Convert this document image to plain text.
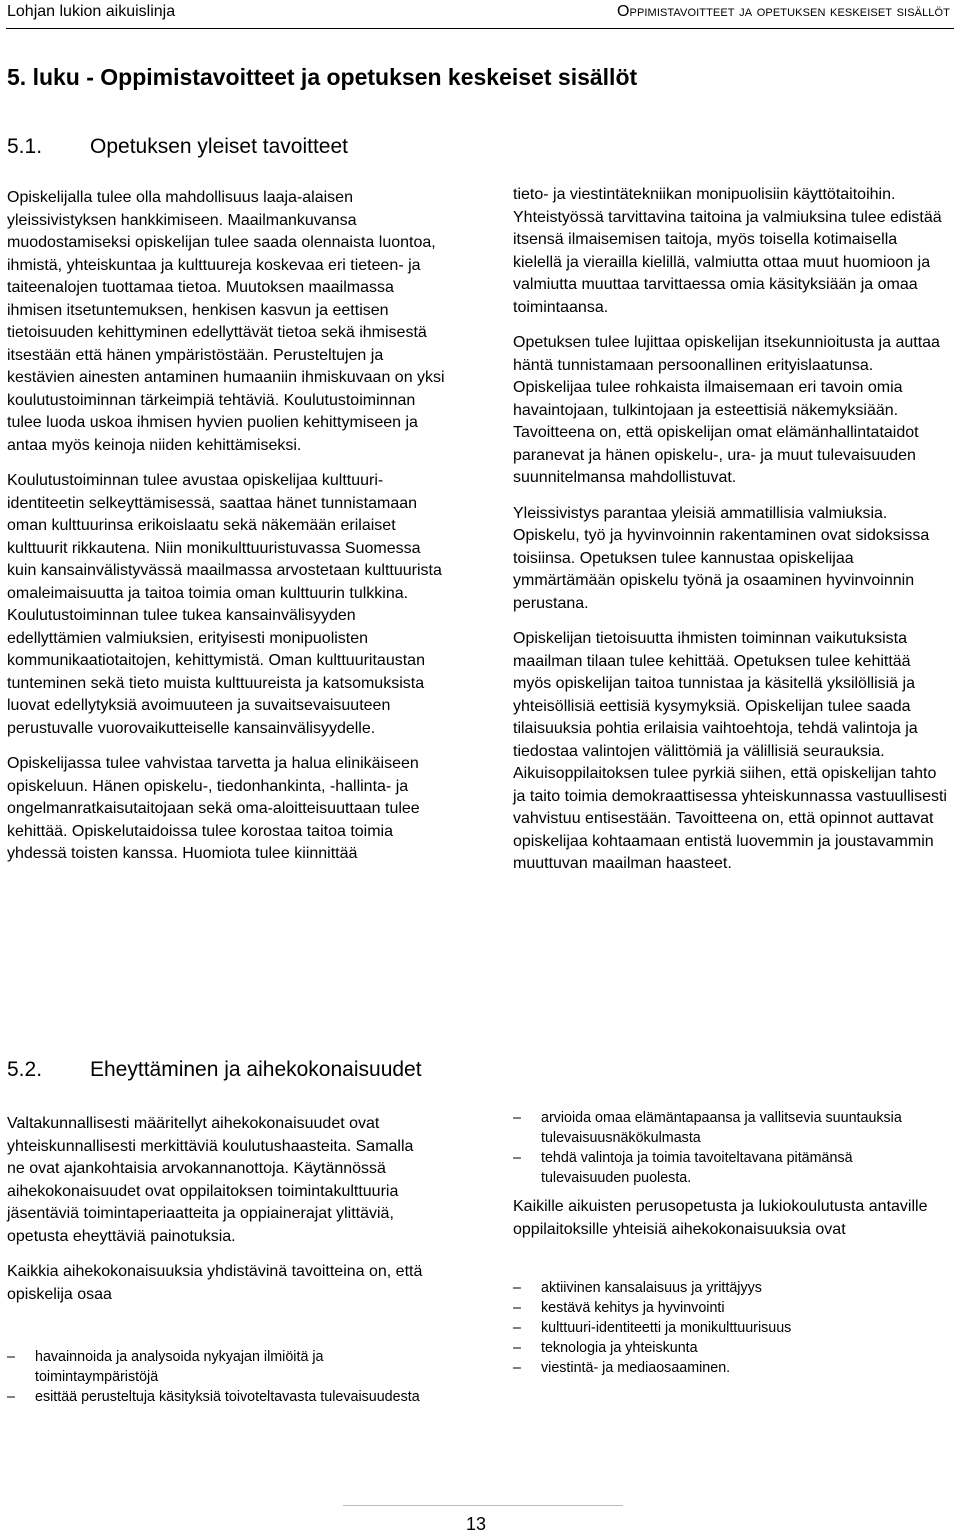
Lohjan lukion aikuislinja	Oppimistavoitteet ja opetuksen keskeiset sisällöt
5. luku - Oppimistavoitteet ja opetuksen keskeiset sisällöt
5.1. Opetuksen yleiset tavoitteet

Opiskelijalla tulee olla mahdollisuus laaja-alaisen yleissivistyksen hankkimiseen. Maailmankuvansa muodostamiseksi opiskelijan tulee saada olennaista luontoa, ihmistä, yhteiskuntaa ja kulttuureja koskevaa eri tieteen- ja taiteenalojen tuottamaa tietoa. Muutoksen maailmassa ihmisen itsetuntemuksen, henkisen kasvun ja eettisen tietoisuuden kehittyminen edellyttävät tietoa sekä ihmisestä itsestään että hänen ympäristöstään. Perusteltujen ja kestävien ainesten antaminen humaaniin ihmiskuvaan on yksi koulutustoiminnan tärkeimpiä tehtäviä. Koulutustoiminnan tulee luoda uskoa ihmisen hyvien puolien kehittymiseen ja antaa myös keinoja niiden kehittämiseksi.

Koulutustoiminnan tulee avustaa opiskelijaa kulttuuri-identiteetin selkeyttämisessä, saattaa hänet tunnistamaan oman kulttuurinsa erikoislaatu sekä näkemään erilaiset kulttuurit rikkautena. Niin monikulttuuristuvassa Suomessa kuin kansainvälistyvässä maailmassa arvostetaan kulttuurista omaleimaisuutta ja taitoa toimia oman kulttuurin tulkkina. Koulutustoiminnan tulee tukea kansainvälisyyden edellyttämien valmiuksien, erityisesti monipuolisten kommunikaatiotaitojen, kehittymistä. Oman kulttuuritaustan tunteminen sekä tieto muista kulttuureista ja katsomuksista luovat edellytyksiä avoimuuteen ja suvaitsevaisuuteen perustuvalle vuorovaikutteiselle kansainvälisyydelle.

Opiskelijassa tulee vahvistaa tarvetta ja halua elinikäiseen opiskeluun. Hänen opiskelu-, tiedonhankinta, -hallinta- ja ongelmanratkaisutaitojaan sekä oma-aloitteisuuttaan tulee kehittää. Opiskelutaidoissa tulee korostaa taitoa toimia yhdessä toisten kanssa. Huomiota tulee kiinnittää

tieto- ja viestintätekniikan monipuolisiin käyttötaitoihin. Yhteistyössä tarvittavina taitoina ja valmiuksina tulee edistää itsensä ilmaisemisen taitoja, myös toisella kotimaisella kielellä ja vierailla kielillä, valmiutta ottaa muut huomioon ja valmiutta muuttaa tarvittaessa omia käsityksiään ja omaa toimintaansa.

Opetuksen tulee lujittaa opiskelijan itsekunnioitusta ja auttaa häntä tunnistamaan persoonallinen erityislaatunsa. Opiskelijaa tulee rohkaista ilmaisemaan eri tavoin omia havaintojaan, tulkintojaan ja esteettisiä näkemyksiään. Tavoitteena on, että opiskelijan omat elämänhallintataidot paranevat ja hänen opiskelu-, ura- ja muut tulevaisuuden suunnitelmansa mahdollistuvat.

Yleissivistys parantaa yleisiä ammatillisia valmiuksia. Opiskelu, työ ja hyvinvoinnin rakentaminen ovat sidoksissa toisiinsa. Opetuksen tulee kannustaa opiskelijaa ymmärtämään opiskelu työnä ja osaaminen hyvinvoinnin perustana.

Opiskelijan tietoisuutta ihmisten toiminnan vaikutuksista maailman tilaan tulee kehittää. Opetuksen tulee kehittää myös opiskelijan taitoa tunnistaa ja käsitellä yksilöllisiä ja yhteisöllisiä eettisiä kysymyksiä. Opiskelijan tulee saada tilaisuuksia pohtia erilaisia vaihtoehtoja, tehdä valintoja ja tiedostaa valintojen välittömiä ja välillisiä seurauksia. Aikuisoppilaitoksen tulee pyrkiä siihen, että opiskelijan tahto ja taito toimia demokraattisessa yhteiskunnassa vastuullisesti vahvistuu entisestään. Tavoitteena on, että opinnot auttavat opiskelijaa kohtaamaan entistä luovemmin ja joustavammin muuttuvan maailman haasteet.

5.2. Eheyttäminen ja aihekokonaisuudet

Valtakunnallisesti määritellyt aihekokonaisuudet ovat yhteiskunnallisesti merkittäviä koulutushaasteita. Samalla ne ovat ajankohtaisia arvokannanottoja. Käytännössä aihekokonaisuudet ovat oppilaitoksen toimintakulttuuria jäsentäviä toimintaperiaatteita ja oppiainerajat ylittäviä, opetusta eheyttäviä painotuksia.

Kaikkia aihekokonaisuuksia yhdistävinä tavoitteina on, että opiskelija osaa

–	havainnoida ja analysoida nykyajan ilmiöitä ja toimintaympäristöjä
–	esittää perusteltuja käsityksiä toivoteltavasta tulevaisuudesta
–	arvioida omaa elämäntapaansa ja vallitsevia suuntauksia tulevaisuusnäkökulmasta
–	tehdä valintoja ja toimia tavoiteltavana pitämänsä tulevaisuuden puolesta.

Kaikille aikuisten perusopetusta ja lukiokoulutusta antaville oppilaitoksille yhteisiä aihekokonaisuuksia ovat

–	aktiivinen kansalaisuus ja yrittäjyys
–	kestävä kehitys ja hyvinvointi
–	kulttuuri-identiteetti ja monikulttuurisuus
–	teknologia ja yhteiskunta
–	viestintä- ja mediaosaaminen.
13
